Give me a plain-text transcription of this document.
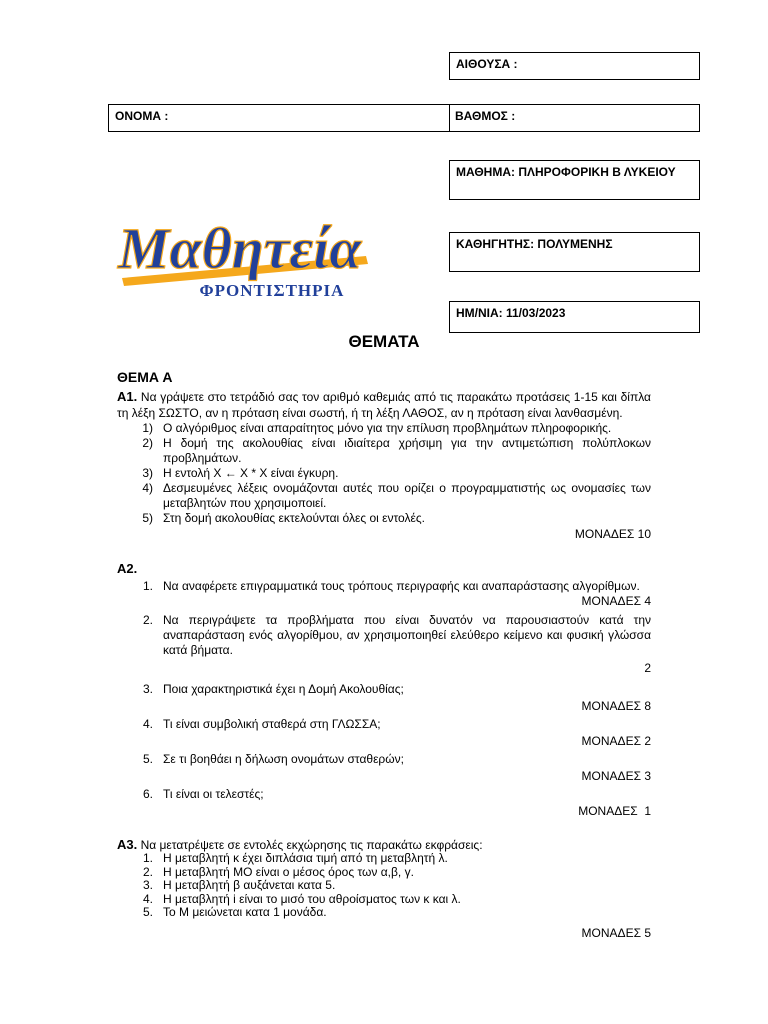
ΑΙΘΟΥΣΑ :
ΟΝΟΜΑ :	ΒΑΘΜΟΣ :
ΜΑΘΗΜΑ: ΠΛΗΡΟΦΟΡΙΚΗ Β ΛΥΚΕΙΟΥ
ΚΑΘΗΓΗΤΗΣ: ΠΟΛΥΜΕΝΗΣ
ΗΜ/ΝΙΑ: 11/03/2023
Μαθητεία
ΦΡΟΝΤΙΣΤΗΡΙΑ
ΘΕΜΑΤΑ
ΘΕΜΑ Α
Α1. Να γράψετε στο τετράδιό σας τον αριθμό καθεμιάς από τις παρακάτω προτάσεις 1-15 και δίπλα τη λέξη ΣΩΣΤΟ, αν η πρόταση είναι σωστή, ή τη λέξη ΛΑΘΟΣ, αν η πρόταση είναι λανθασμένη.
1) Ο αλγόριθμος είναι απαραίτητος μόνο για την επίλυση προβλημάτων πληροφορικής.
2) Η δομή της ακολουθίας είναι ιδιαίτερα χρήσιμη για την αντιμετώπιση πολύπλοκων προβλημάτων.
3) Η εντολή Χ ← Χ * Χ είναι έγκυρη.
4) Δεσμευμένες λέξεις ονομάζονται αυτές που ορίζει ο προγραμματιστής ως ονομασίες των μεταβλητών που χρησιμοποιεί.
5) Στη δομή ακολουθίας εκτελούνται όλες οι εντολές.
ΜΟΝΑΔΕΣ 10
Α2.
1. Να αναφέρετε επιγραμματικά τους τρόπους περιγραφής και αναπαράστασης αλγορίθμων.
ΜΟΝΑΔΕΣ 4
2. Να περιγράψετε τα προβλήματα που είναι δυνατόν να παρουσιαστούν κατά την αναπαράσταση ενός αλγορίθμου, αν χρησιμοποιηθεί ελεύθερο κείμενο και φυσική γλώσσα κατά βήματα.
2
3. Ποια χαρακτηριστικά έχει η Δομή Ακολουθίας;
ΜΟΝΑΔΕΣ 8
4. Τι είναι συμβολική σταθερά στη ΓΛΩΣΣΑ;
ΜΟΝΑΔΕΣ 2
5. Σε τι βοηθάει η δήλωση ονομάτων σταθερών;
ΜΟΝΑΔΕΣ 3
6. Τι είναι οι τελεστές;
ΜΟΝΑΔΕΣ  1
Α3. Να μετατρέψετε σε εντολές εκχώρησης τις παρακάτω εκφράσεις:
1. Η μεταβλητή κ έχει διπλάσια τιμή από τη μεταβλητή λ.
2. Η μεταβλητή ΜΟ είναι ο μέσος όρος των α,β, γ.
3. Η μεταβλητή β αυξάνεται κατα 5.
4. Η μεταβλητή i είναι το μισό του αθροίσματος των κ και λ.
5. Το Μ μειώνεται κατα 1 μονάδα.
ΜΟΝΑΔΕΣ 5
